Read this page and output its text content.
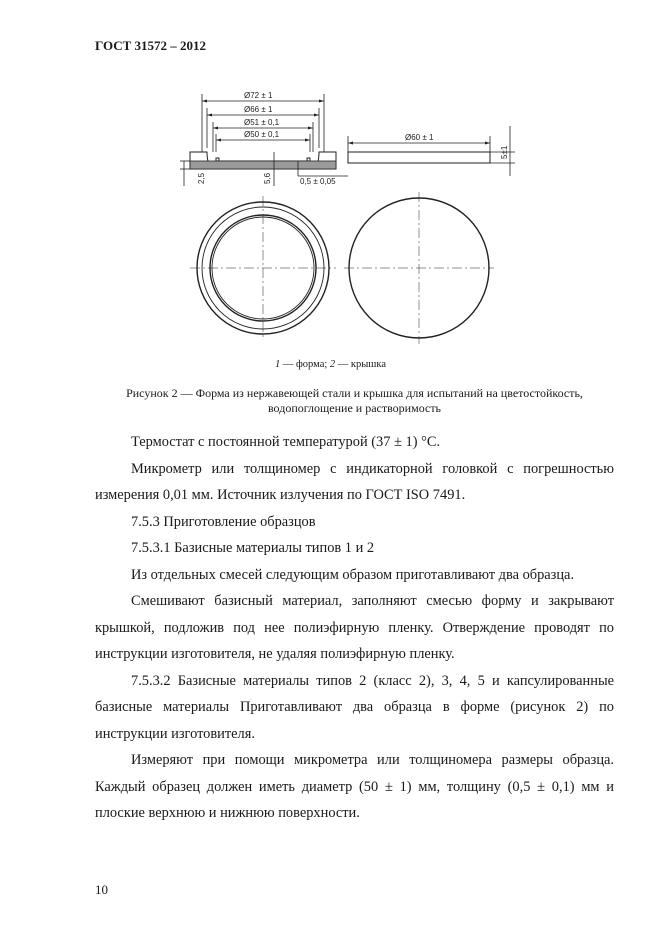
ГОСТ 31572 – 2012
Ø72 ± 1
Ø66 ± 1
Ø51 ± 0,1
Ø50 ± 0,1	Ø60 ± 1
0,5 ± 0,05
2,5	5,6
5±1
1 — форма; 2 — крышка
Рисунок 2 — Форма из нержавеющей стали и крышка для испытаний на цветостойкость,
водопоглощение и растворимость

Термостат с постоянной температурой (37 ± 1) °С.

Микрометр или толщиномер с индикаторной головкой с погрешностью измерения 0,01 мм. Источник излучения по ГОСТ ISO 7491.

7.5.3 Приготовление образцов

7.5.3.1 Базисные материалы типов 1 и 2

Из отдельных смесей следующим образом приготавливают два образца.

Смешивают базисный материал, заполняют смесью форму и закрывают крышкой, подложив под нее полиэфирную пленку. Отверждение проводят по инструкции изготовителя, не удаляя полиэфирную пленку.

7.5.3.2 Базисные материалы типов 2 (класс 2), 3, 4, 5 и капсулированные базисные материалы Приготавливают два образца в форме (рисунок 2) по инструкции изготовителя.

Измеряют при помощи микрометра или толщиномера размеры образца. Каждый образец должен иметь диаметр (50 ± 1) мм, толщину (0,5 ± 0,1) мм и плоские верхнюю и нижнюю поверхности.

10
